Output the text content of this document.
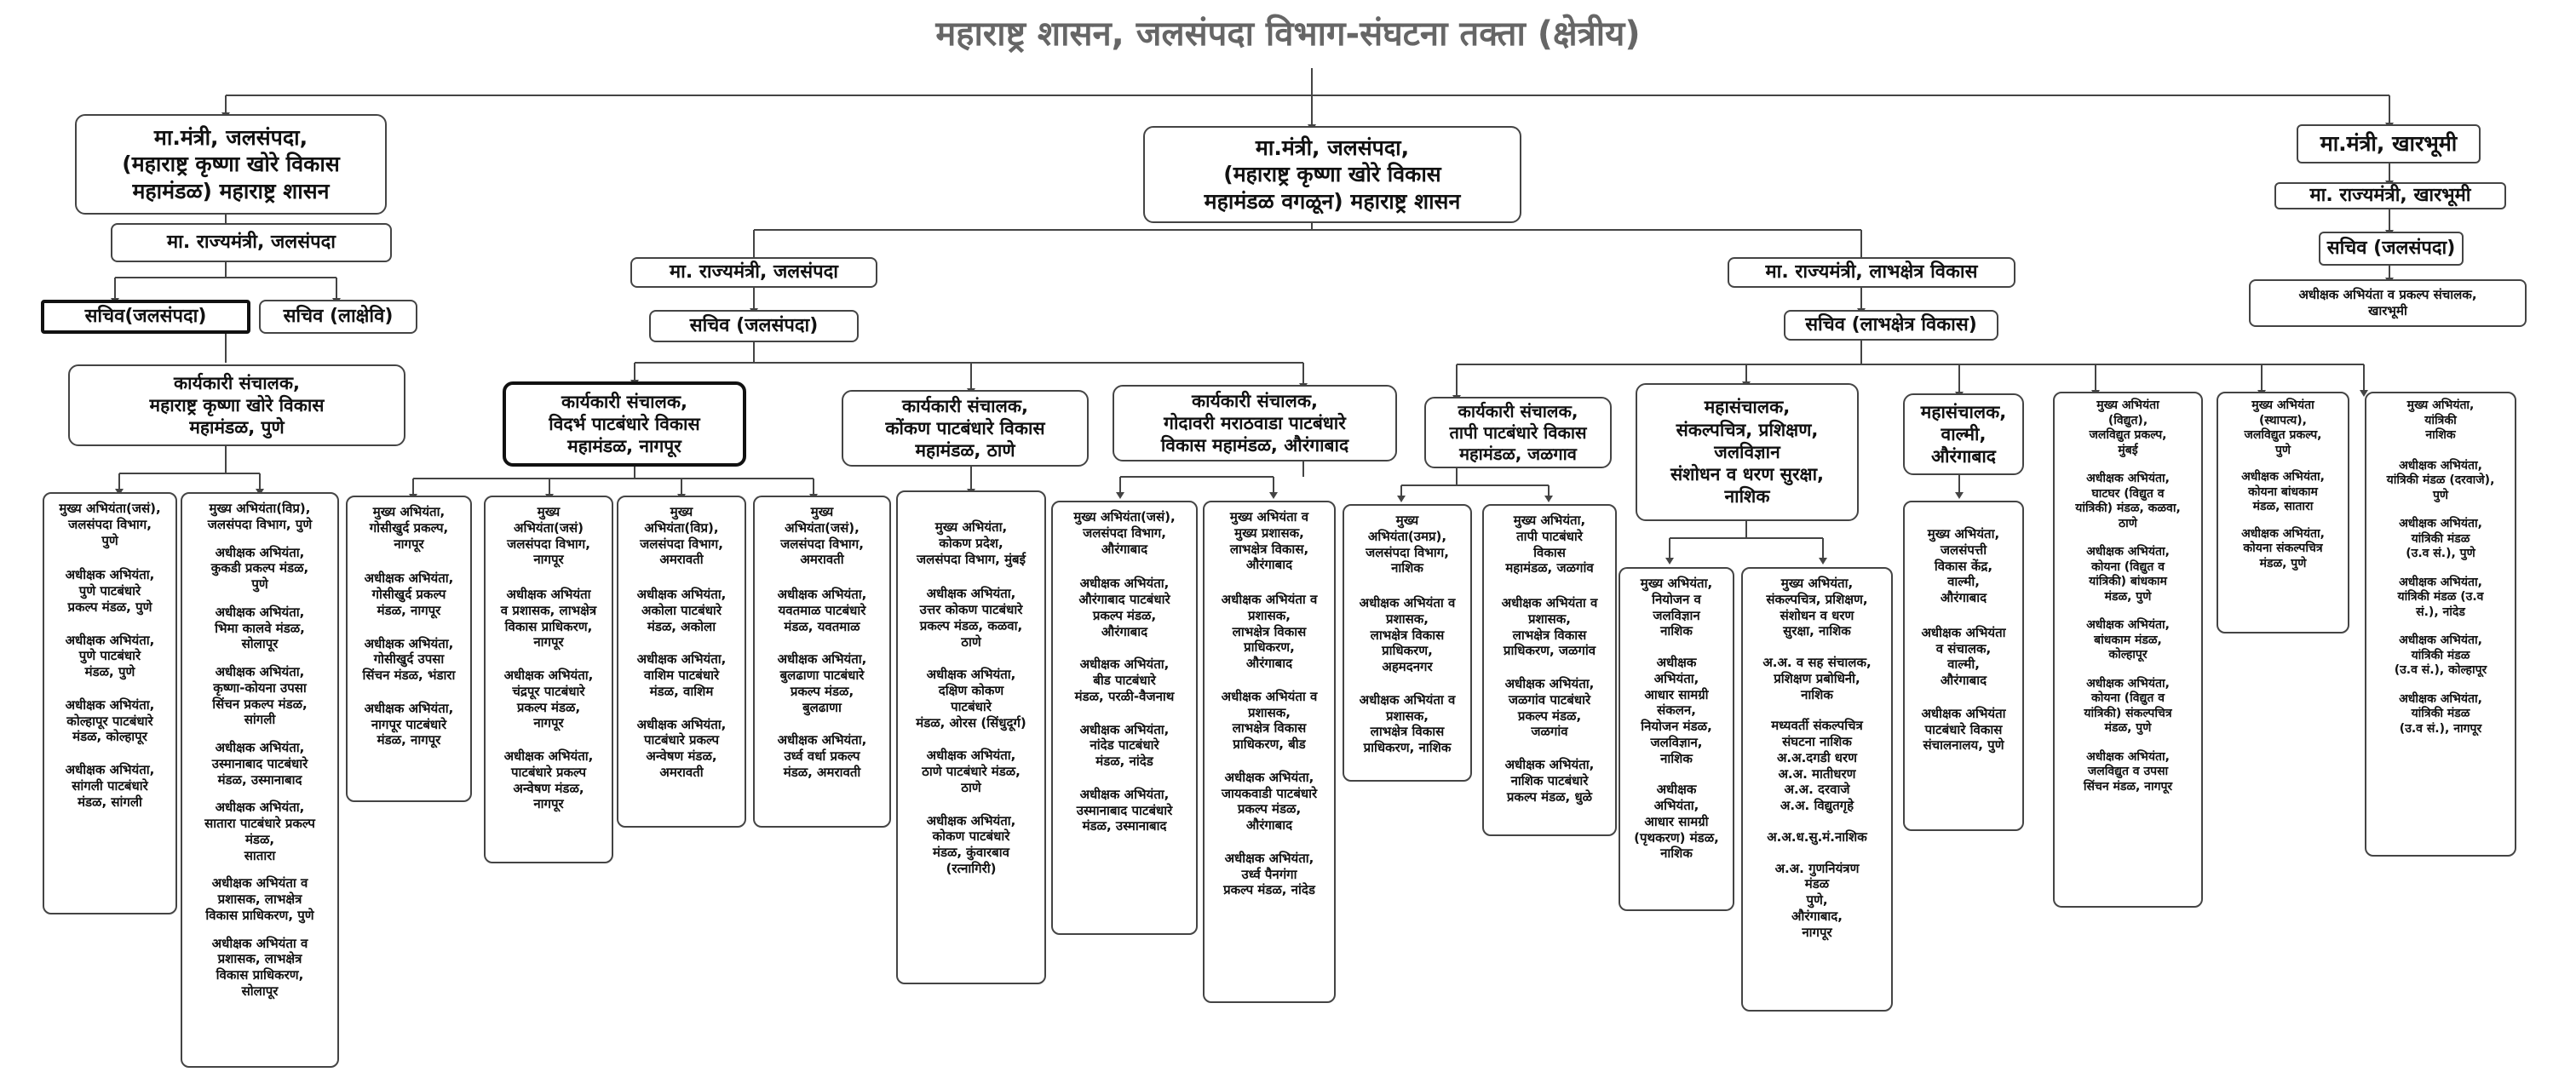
महाराष्ट्र शासन, जलसंपदा विभाग-संघटना तक्ता (क्षेत्रीय)
मा.मंत्री, जलसंपदा,
(महाराष्ट्र कृष्णा खोरे विकास
महामंडळ) महाराष्ट्र शासन
मा. राज्यमंत्री, जलसंपदा
सचिव(जलसंपदा)	सचिव (लाक्षेवि)
कार्यकारी संचालक,
महाराष्ट्र कृष्णा खोरे विकास
महामंडळ, पुणे
मुख्य अभियंता(जसं),
जलसंपदा विभाग,
पुणे
अधीक्षक अभियंता,
पुणे पाटबंधारे
प्रकल्प मंडळ, पुणे
अधीक्षक अभियंता,
पुणे पाटबंधारे
मंडळ, पुणे
अधीक्षक अभियंता,
कोल्हापूर पाटबंधारे
मंडळ, कोल्हापूर
अधीक्षक अभियंता,
सांगली पाटबंधारे
मंडळ, सांगली
मुख्य अभियंता(विप्र),
जलसंपदा विभाग, पुणे
अधीक्षक अभियंता,
कुकडी प्रकल्प मंडळ,
पुणे
अधीक्षक अभियंता,
भिमा कालवे मंडळ,
सोलापूर
अधीक्षक अभियंता,
कृष्णा-कोयना उपसा
सिंचन प्रकल्प मंडळ,
सांगली
अधीक्षक अभियंता,
उस्मानाबाद पाटबंधारे
मंडळ, उस्मानाबाद
अधीक्षक अभियंता,
सातारा पाटबंधारे प्रकल्प
मंडळ,
सातारा
अधीक्षक अभियंता व
प्रशासक, लाभक्षेत्र
विकास प्राधिकरण, पुणे
अधीक्षक अभियंता व
प्रशासक, लाभक्षेत्र
विकास प्राधिकरण,
सोलापूर
मा.मंत्री, जलसंपदा,
(महाराष्ट्र कृष्णा खोरे विकास
महामंडळ वगळून) महाराष्ट्र शासन
मा. राज्यमंत्री, जलसंपदा
सचिव (जलसंपदा)
मा. राज्यमंत्री, लाभक्षेत्र विकास
सचिव (लाभक्षेत्र विकास)
कार्यकारी संचालक,
विदर्भ पाटबंधारे विकास
महामंडळ, नागपूर
कार्यकारी संचालक,
कोंकण पाटबंधारे विकास
महामंडळ, ठाणे
कार्यकारी संचालक,
गोदावरी मराठवाडा पाटबंधारे
विकास महामंडळ, औरंगाबाद
कार्यकारी संचालक,
तापी पाटबंधारे विकास
महामंडळ, जळगाव
महासंचालक,
संकल्पचित्र, प्रशिक्षण,
जलविज्ञान
संशोधन व धरण सुरक्षा,
नाशिक
महासंचालक,
वाल्मी,
औरंगाबाद
मुख्य अभियंता
(विद्युत),
जलविद्युत प्रकल्प,
मुंबई
अधीक्षक अभियंता,
घाटघर (विद्युत व
यांत्रिकी) मंडळ, कळवा,
ठाणे
अधीक्षक अभियंता,
कोयना (विद्युत व
यांत्रिकी) बांधकाम
मंडळ, पुणे
अधीक्षक अभियंता,
बांधकाम मंडळ,
कोल्हापूर
अधीक्षक अभियंता,
कोयना (विद्युत व
यांत्रिकी) संकल्पचित्र
मंडळ, पुणे
अधीक्षक अभियंता,
जलविद्युत व उपसा
सिंचन मंडळ, नागपूर
मुख्य अभियंता
(स्थापत्य),
जलविद्युत प्रकल्प,
पुणे
अधीक्षक अभियंता,
कोयना बांधकाम
मंडळ, सातारा
अधीक्षक अभियंता,
कोयना संकल्पचित्र
मंडळ, पुणे
मुख्य अभियंता,
यांत्रिकी
नाशिक
अधीक्षक अभियंता,
यांत्रिकी मंडळ (दरवाजे),
पुणे
अधीक्षक अभियंता,
यांत्रिकी मंडळ
(उ.व सं.), पुणे
अधीक्षक अभियंता,
यांत्रिकी मंडळ (उ.व
सं.), नांदेड
अधीक्षक अभियंता,
यांत्रिकी मंडळ
(उ.व सं.), कोल्हापूर
अधीक्षक अभियंता,
यांत्रिकी मंडळ
(उ.व सं.), नागपूर
मुख्य अभियंता,
गोसीखुर्द प्रकल्प,
नागपूर
अधीक्षक अभियंता,
गोसीखुर्द प्रकल्प
मंडळ, नागपूर
अधीक्षक अभियंता,
गोसीखुर्द उपसा
सिंचन मंडळ, भंडारा
अधीक्षक अभियंता,
नागपूर पाटबंधारे
मंडळ, नागपूर
मुख्य
अभियंता(जसं)
जलसंपदा विभाग,
नागपूर
अधीक्षक अभियंता
व प्रशासक, लाभक्षेत्र
विकास प्राधिकरण,
नागपूर
अधीक्षक अभियंता,
चंद्रपूर पाटबंधारे
प्रकल्प मंडळ,
नागपूर
अधीक्षक अभियंता,
पाटबंधारे प्रकल्प
अन्वेषण मंडळ,
नागपूर
मुख्य
अभियंता(विप्र),
जलसंपदा विभाग,
अमरावती
अधीक्षक अभियंता,
अकोला पाटबंधारे
मंडळ, अकोला
अधीक्षक अभियंता,
वाशिम पाटबंधारे
मंडळ, वाशिम
अधीक्षक अभियंता,
पाटबंधारे प्रकल्प
अन्वेषण मंडळ,
अमरावती
मुख्य
अभियंता(जसं),
जलसंपदा विभाग,
अमरावती
अधीक्षक अभियंता,
यवतमाळ पाटबंधारे
मंडळ, यवतमाळ
अधीक्षक अभियंता,
बुलढाणा पाटबंधारे
प्रकल्प मंडळ,
बुलढाणा
अधीक्षक अभियंता,
उर्ध्व वर्धा प्रकल्प
मंडळ, अमरावती
मुख्य अभियंता,
कोकण प्रदेश,
जलसंपदा विभाग, मुंबई
अधीक्षक अभियंता,
उत्तर कोकण पाटबंधारे
प्रकल्प मंडळ, कळवा,
ठाणे
अधीक्षक अभियंता,
दक्षिण कोकण
पाटबंधारे
मंडळ, ओरस (सिंधुदूर्ग)
अधीक्षक अभियंता,
ठाणे पाटबंधारे मंडळ,
ठाणे
अधीक्षक अभियंता,
कोकण पाटबंधारे
मंडळ, कुंवारबाव
(रत्नागिरी)
मुख्य अभियंता(जसं),
जलसंपदा विभाग,
औरंगाबाद
अधीक्षक अभियंता,
औरंगाबाद पाटबंधारे
प्रकल्प मंडळ,
औरंगाबाद
अधीक्षक अभियंता,
बीड पाटबंधारे
मंडळ, परळी-वैजनाथ
अधीक्षक अभियंता,
नांदेड पाटबंधारे
मंडळ, नांदेड
अधीक्षक अभियंता,
उस्मानाबाद पाटबंधारे
मंडळ, उस्मानाबाद
मुख्य अभियंता व
मुख्य प्रशासक,
लाभक्षेत्र विकास,
औरंगाबाद
अधीक्षक अभियंता व
प्रशासक,
लाभक्षेत्र विकास
प्राधिकरण,
औरंगाबाद
अधीक्षक अभियंता व
प्रशासक,
लाभक्षेत्र विकास
प्राधिकरण, बीड
अधीक्षक अभियंता,
जायकवाडी पाटबंधारे
प्रकल्प मंडळ,
औरंगाबाद
अधीक्षक अभियंता,
उर्ध्व पैनगंगा
प्रकल्प मंडळ, नांदेड
मुख्य
अभियंता(उमप्र),
जलसंपदा विभाग,
नाशिक
अधीक्षक अभियंता व
प्रशासक,
लाभक्षेत्र विकास
प्राधिकरण,
अहमदनगर
अधीक्षक अभियंता व
प्रशासक,
लाभक्षेत्र विकास
प्राधिकरण, नाशिक
मुख्य अभियंता,
तापी पाटबंधारे
विकास
महामंडळ, जळगांव
अधीक्षक अभियंता व
प्रशासक,
लाभक्षेत्र विकास
प्राधिकरण, जळगांव
अधीक्षक अभियंता,
जळगांव पाटबंधारे
प्रकल्प मंडळ,
जळगांव
अधीक्षक अभियंता,
नाशिक पाटबंधारे
प्रकल्प मंडळ, धुळे
मुख्य अभियंता,
नियोजन व
जलविज्ञान
नाशिक
अधीक्षक
अभियंता,
आधार सामग्री
संकलन,
नियोजन मंडळ,
जलविज्ञान,
नाशिक
अधीक्षक
अभियंता,
आधार सामग्री
(पृथकरण) मंडळ,
नाशिक
मुख्य अभियंता,
संकल्पचित्र, प्रशिक्षण,
संशोधन व धरण
सुरक्षा, नाशिक
अ.अ. व सह संचालक,
प्रशिक्षण प्रबोधिनी,
नाशिक
मध्यवर्ती संकल्पचित्र
संघटना नाशिक
अ.अ.दगडी धरण
अ.अ. मातीधरण
अ.अ. दरवाजे
अ.अ. विद्युतगृहे
अ.अ.ध.सु.मं.नाशिक
अ.अ. गुणनियंत्रण
मंडळ
पुणे,
औरंगाबाद,
नागपूर
मुख्य अभियंता,
जलसंपत्ती
विकास केंद्र,
वाल्मी,
औरंगाबाद
अधीक्षक अभियंता
व संचालक,
वाल्मी,
औरंगाबाद
अधीक्षक अभियंता
पाटबंधारे विकास
संचालनालय, पुणे
मा.मंत्री, खारभूमी
मा. राज्यमंत्री, खारभूमी
सचिव (जलसंपदा)
अधीक्षक अभियंता व प्रकल्प संचालक,
खारभूमी
